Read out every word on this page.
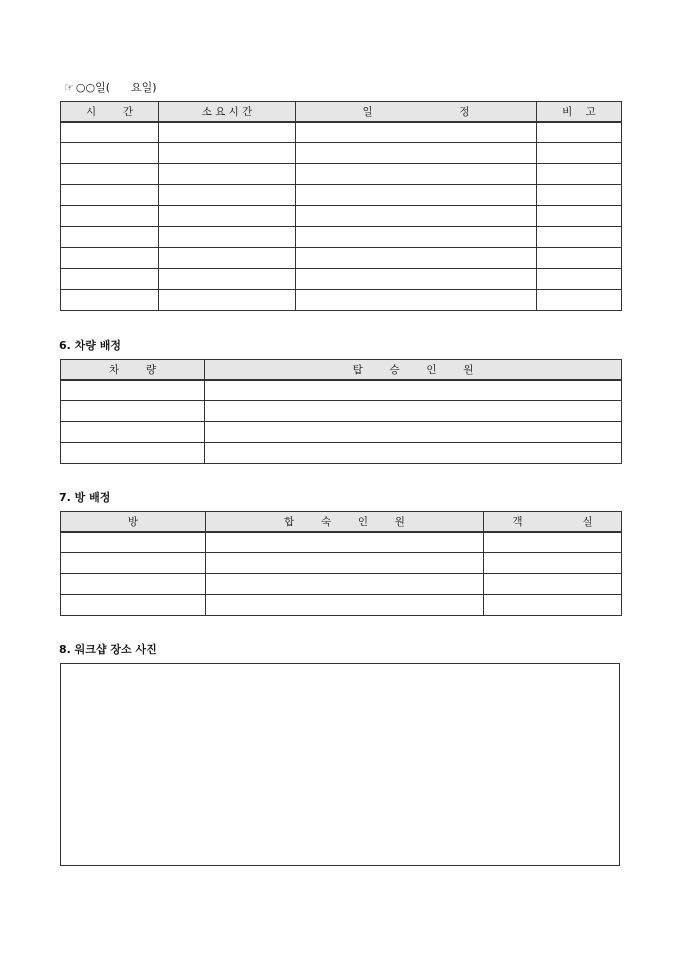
☞ ○○일(      요일)
시        간	소 요 시 간	일                          정	비    고

6. 차량 배정
차        량	탑        승        인        원

7. 방 배정
방	합        숙        인        원	객                  실

8. 워크샵 장소 사진
